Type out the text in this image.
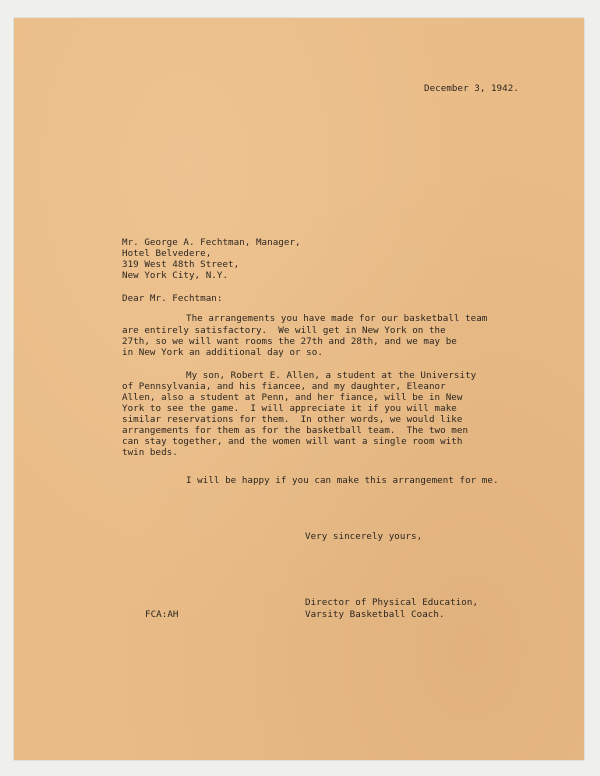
December 3, 1942.

Mr. George A. Fechtman, Manager,

Hotel Belvedere,

319 West 48th Street,

New York City, N.Y.

Dear Mr. Fechtman:

The arrangements you have made for our basketball team

are entirely satisfactory.  We will get in New York on the

27th, so we will want rooms the 27th and 28th, and we may be

in New York an additional day or so.

My son, Robert E. Allen, a student at the University

of Pennsylvania, and his fiancee, and my daughter, Eleanor

Allen, also a student at Penn, and her fiance, will be in New

York to see the game.  I will appreciate it if you will make

similar reservations for them.  In other words, we would like

arrangements for them as for the basketball team.  The two men

can stay together, and the women will want a single room with

twin beds.

I will be happy if you can make this arrangement for me.

Very sincerely yours,

Director of Physical Education,

Varsity Basketball Coach.

FCA:AH
